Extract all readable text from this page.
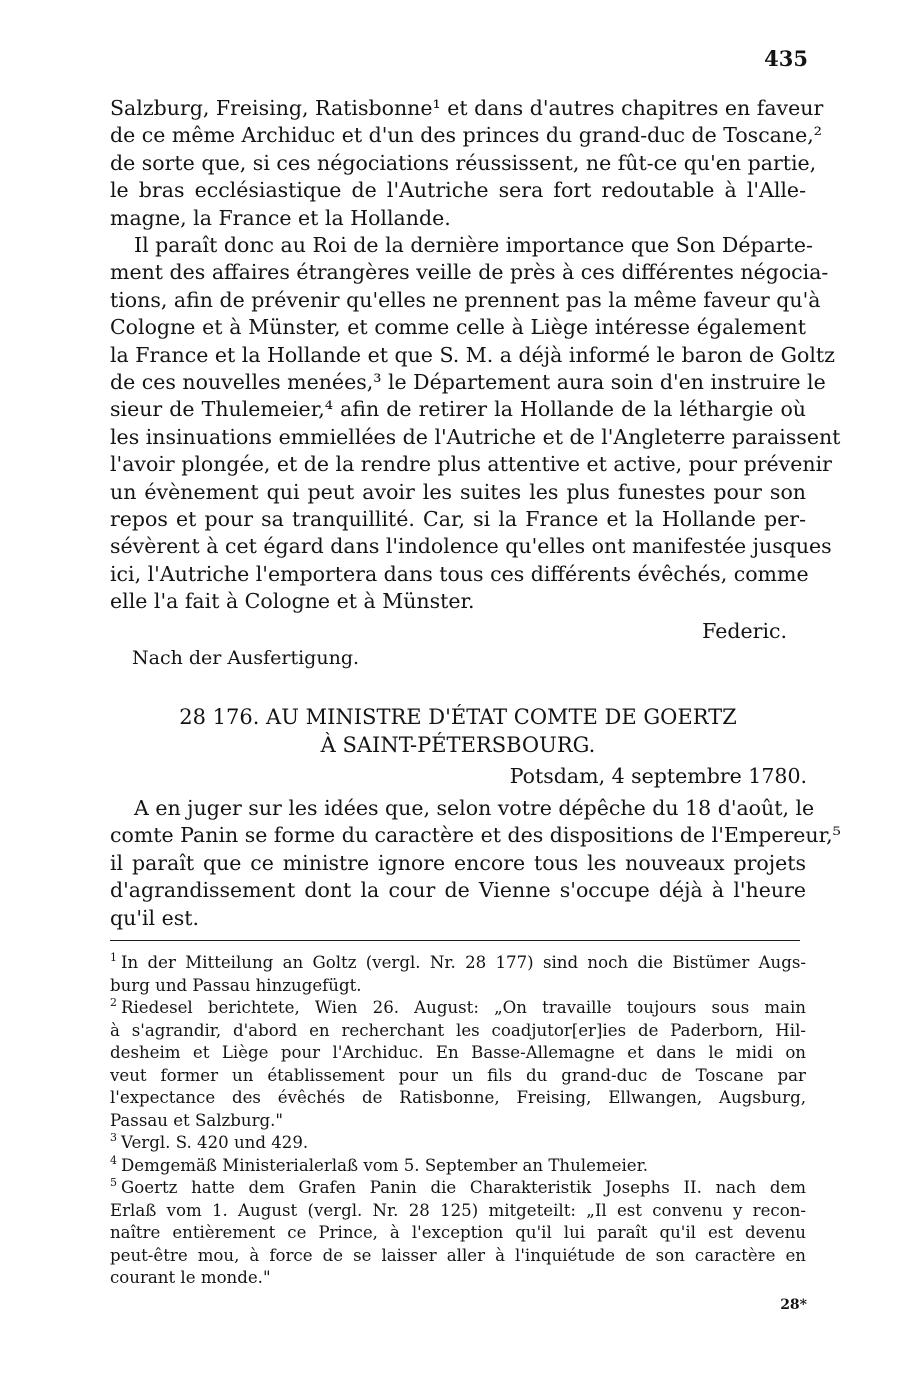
435
Salzburg, Freising, Ratisbonne¹ et dans d'autres chapitres en faveur
de ce même Archiduc et d'un des princes du grand-duc de Toscane,²
de sorte que, si ces négociations réussissent, ne fût-ce qu'en partie,
le bras ecclésiastique de l'Autriche sera fort redoutable à l'Alle-
magne, la France et la Hollande.
Il paraît donc au Roi de la dernière importance que Son Départe-
ment des affaires étrangères veille de près à ces différentes négocia-
tions, afin de prévenir qu'elles ne prennent pas la même faveur qu'à
Cologne et à Münster, et comme celle à Liège intéresse également
la France et la Hollande et que S. M. a déjà informé le baron de Goltz
de ces nouvelles menées,³ le Département aura soin d'en instruire le
sieur de Thulemeier,⁴ afin de retirer la Hollande de la léthargie où
les insinuations emmiellées de l'Autriche et de l'Angleterre paraissent
l'avoir plongée, et de la rendre plus attentive et active, pour prévenir
un évènement qui peut avoir les suites les plus funestes pour son
repos et pour sa tranquillité. Car, si la France et la Hollande per-
sévèrent à cet égard dans l'indolence qu'elles ont manifestée jusques
ici, l'Autriche l'emportera dans tous ces différents évêchés, comme
elle l'a fait à Cologne et à Münster.
Federic.
Nach der Ausfertigung.
28 176. AU MINISTRE D'ÉTAT COMTE DE GOERTZ
À SAINT-PÉTERSBOURG.
Potsdam, 4 septembre 1780.
A en juger sur les idées que, selon votre dépêche du 18 d'août, le
comte Panin se forme du caractère et des dispositions de l'Empereur,⁵
il paraît que ce ministre ignore encore tous les nouveaux projets
d'agrandissement dont la cour de Vienne s'occupe déjà à l'heure
qu'il est.
$^1$ In der Mitteilung an Goltz (vergl. Nr. 28 177) sind noch die Bistümer Augs-
burg und Passau hinzugefügt.
$^2$ Riedesel berichtete, Wien 26. August: „On travaille toujours sous main
à s'agrandir, d'abord en recherchant les coadjutor[er]ies de Paderborn, Hil-
desheim et Liège pour l'Archiduc. En Basse-Allemagne et dans le midi on
veut former un établissement pour un fils du grand-duc de Toscane par
l'expectance des évêchés de Ratisbonne, Freising, Ellwangen, Augsburg,
Passau et Salzburg."
$^3$ Vergl. S. 420 und 429.
$^4$ Demgemäß Ministerialerlaß vom 5. September an Thulemeier.
$^5$ Goertz hatte dem Grafen Panin die Charakteristik Josephs II. nach dem
Erlaß vom 1. August (vergl. Nr. 28 125) mitgeteilt: „Il est convenu y recon-
naître entièrement ce Prince, à l'exception qu'il lui paraît qu'il est devenu
peut-être mou, à force de se laisser aller à l'inquiétude de son caractère en
courant le monde."
28*
